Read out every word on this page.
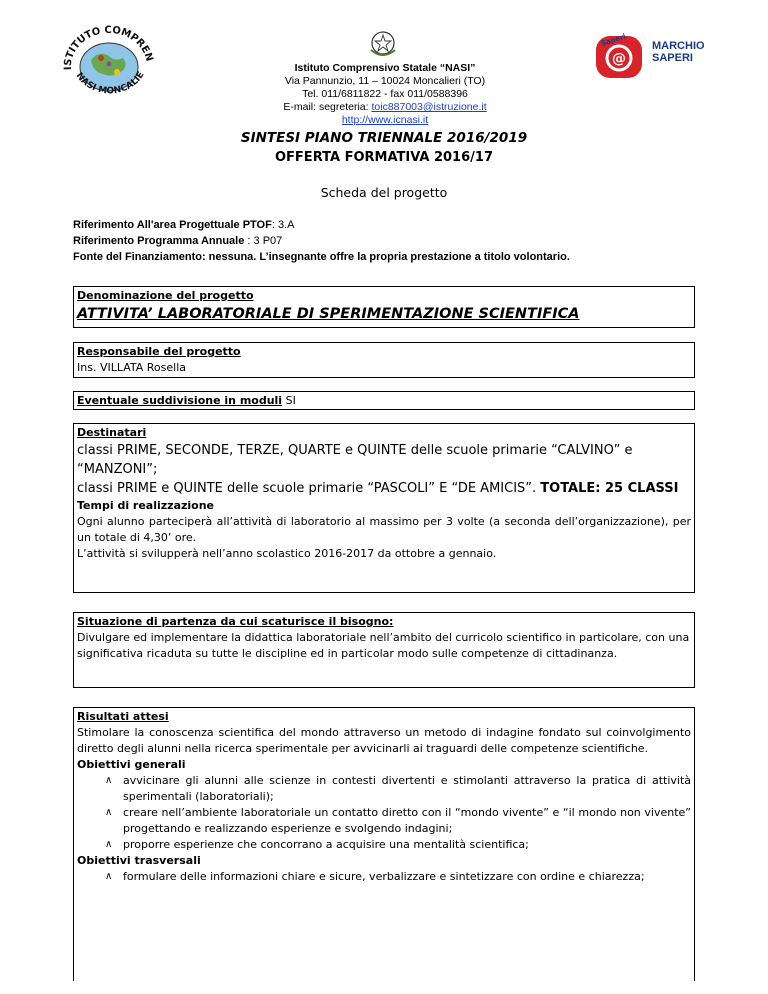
ISTITUTO COMPREN
NASI MONCALIE
Istituto Comprensivo Statale “NASI”
Via Pannunzio, 11 – 10024 Moncalieri (TO)
Tel. 011/6811822 - fax 011/0588396
E-mail: segreteria: toic887003@istruzione.it
http://www.icnasi.it
@
Saperi MARCHIO SAPERI
SINTESI PIANO TRIENNALE 2016/2019
OFFERTA FORMATIVA 2016/17
Scheda del progetto
Riferimento All'area Progettuale PTOF: 3.A
Riferimento Programma Annuale : 3 P07
Fonte del Finanziamento: nessuna. L’insegnante offre la propria prestazione a titolo volontario.
Denominazione del progetto
ATTIVITA’ LABORATORIALE DI SPERIMENTAZIONE SCIENTIFICA
Responsabile del progetto
Ins. VILLATA Rosella
Eventuale suddivisione in moduli SI
Destinatari
classi PRIME, SECONDE, TERZE, QUARTE e QUINTE delle scuole primarie “CALVINO” e “MANZONI”;
classi PRIME e QUINTE delle scuole primarie “PASCOLI” E “DE AMICIS”. TOTALE: 25 CLASSI
Tempi di realizzazione
Ogni alunno parteciperà all’attività di laboratorio al massimo per 3 volte (a seconda dell’organizzazione), per un totale di 4,30’ ore.
L’attività si svilupperà nell’anno scolastico 2016-2017 da ottobre a gennaio.
Situazione di partenza da cui scaturisce il bisogno:
Divulgare ed implementare la didattica laboratoriale nell’ambito del curricolo scientifico in particolare, con una significativa ricaduta su tutte le discipline ed in particolar modo sulle competenze di cittadinanza.
Risultati attesi
Stimolare la conoscenza scientifica del mondo attraverso un metodo di indagine fondato sul coinvolgimento diretto degli alunni nella ricerca sperimentale per avvicinarli ai traguardi delle competenze scientifiche.
Obiettivi generali
∧ avvicinare gli alunni alle scienze in contesti divertenti e stimolanti attraverso la pratica di attività sperimentali (laboratoriali);
∧ creare nell’ambiente laboratoriale un contatto diretto con il “mondo vivente” e “il mondo non vivente” progettando e realizzando esperienze e svolgendo indagini;
∧ proporre esperienze che concorrano a acquisire una mentalità scientifica;
Obiettivi trasversali
∧ formulare delle informazioni chiare e sicure, verbalizzare e sintetizzare con ordine e chiarezza;
